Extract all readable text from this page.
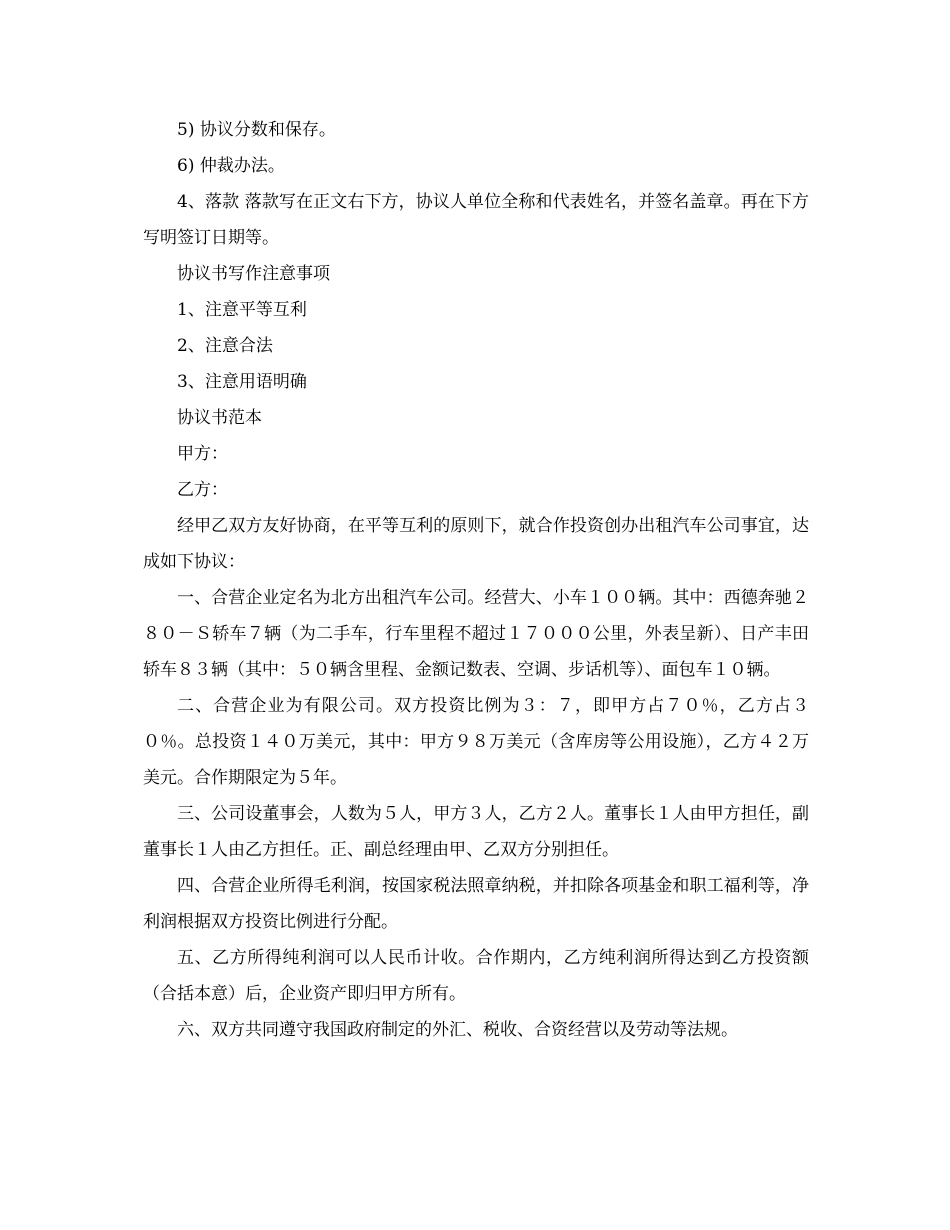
5) 协议分数和保存。

6) 仲裁办法。

4、落款 落款写在正文右下方，协议人单位全称和代表姓名，并签名盖章。再在下方写明签订日期等。

协议书写作注意事项

1、注意平等互利

2、注意合法

3、注意用语明确

协议书范本

甲方：

乙方：

经甲乙双方友好协商，在平等互利的原则下，就合作投资创办出租汽车公司事宜，达成如下协议：

一、合营企业定名为北方出租汽车公司。经营大、小车１００辆。其中：西德奔驰２８０－Ｓ轿车７辆（为二手车，行车里程不超过１７０００公里，外表呈新）、日产丰田轿车８３辆（其中：５０辆含里程、金额记数表、空调、步话机等）、面包车１０辆。

二、合营企业为有限公司。双方投资比例为３：７，即甲方占７０％，乙方占３０％。总投资１４０万美元，其中：甲方９８万美元（含库房等公用设施），乙方４２万美元。合作期限定为５年。

三、公司设董事会，人数为５人，甲方３人，乙方２人。董事长１人由甲方担任，副董事长１人由乙方担任。正、副总经理由甲、乙双方分别担任。

四、合营企业所得毛利润，按国家税法照章纳税，并扣除各项基金和职工福利等，净利润根据双方投资比例进行分配。

五、乙方所得纯利润可以人民币计收。合作期内，乙方纯利润所得达到乙方投资额（合括本意）后，企业资产即归甲方所有。

六、双方共同遵守我国政府制定的外汇、税收、合资经营以及劳动等法规。
